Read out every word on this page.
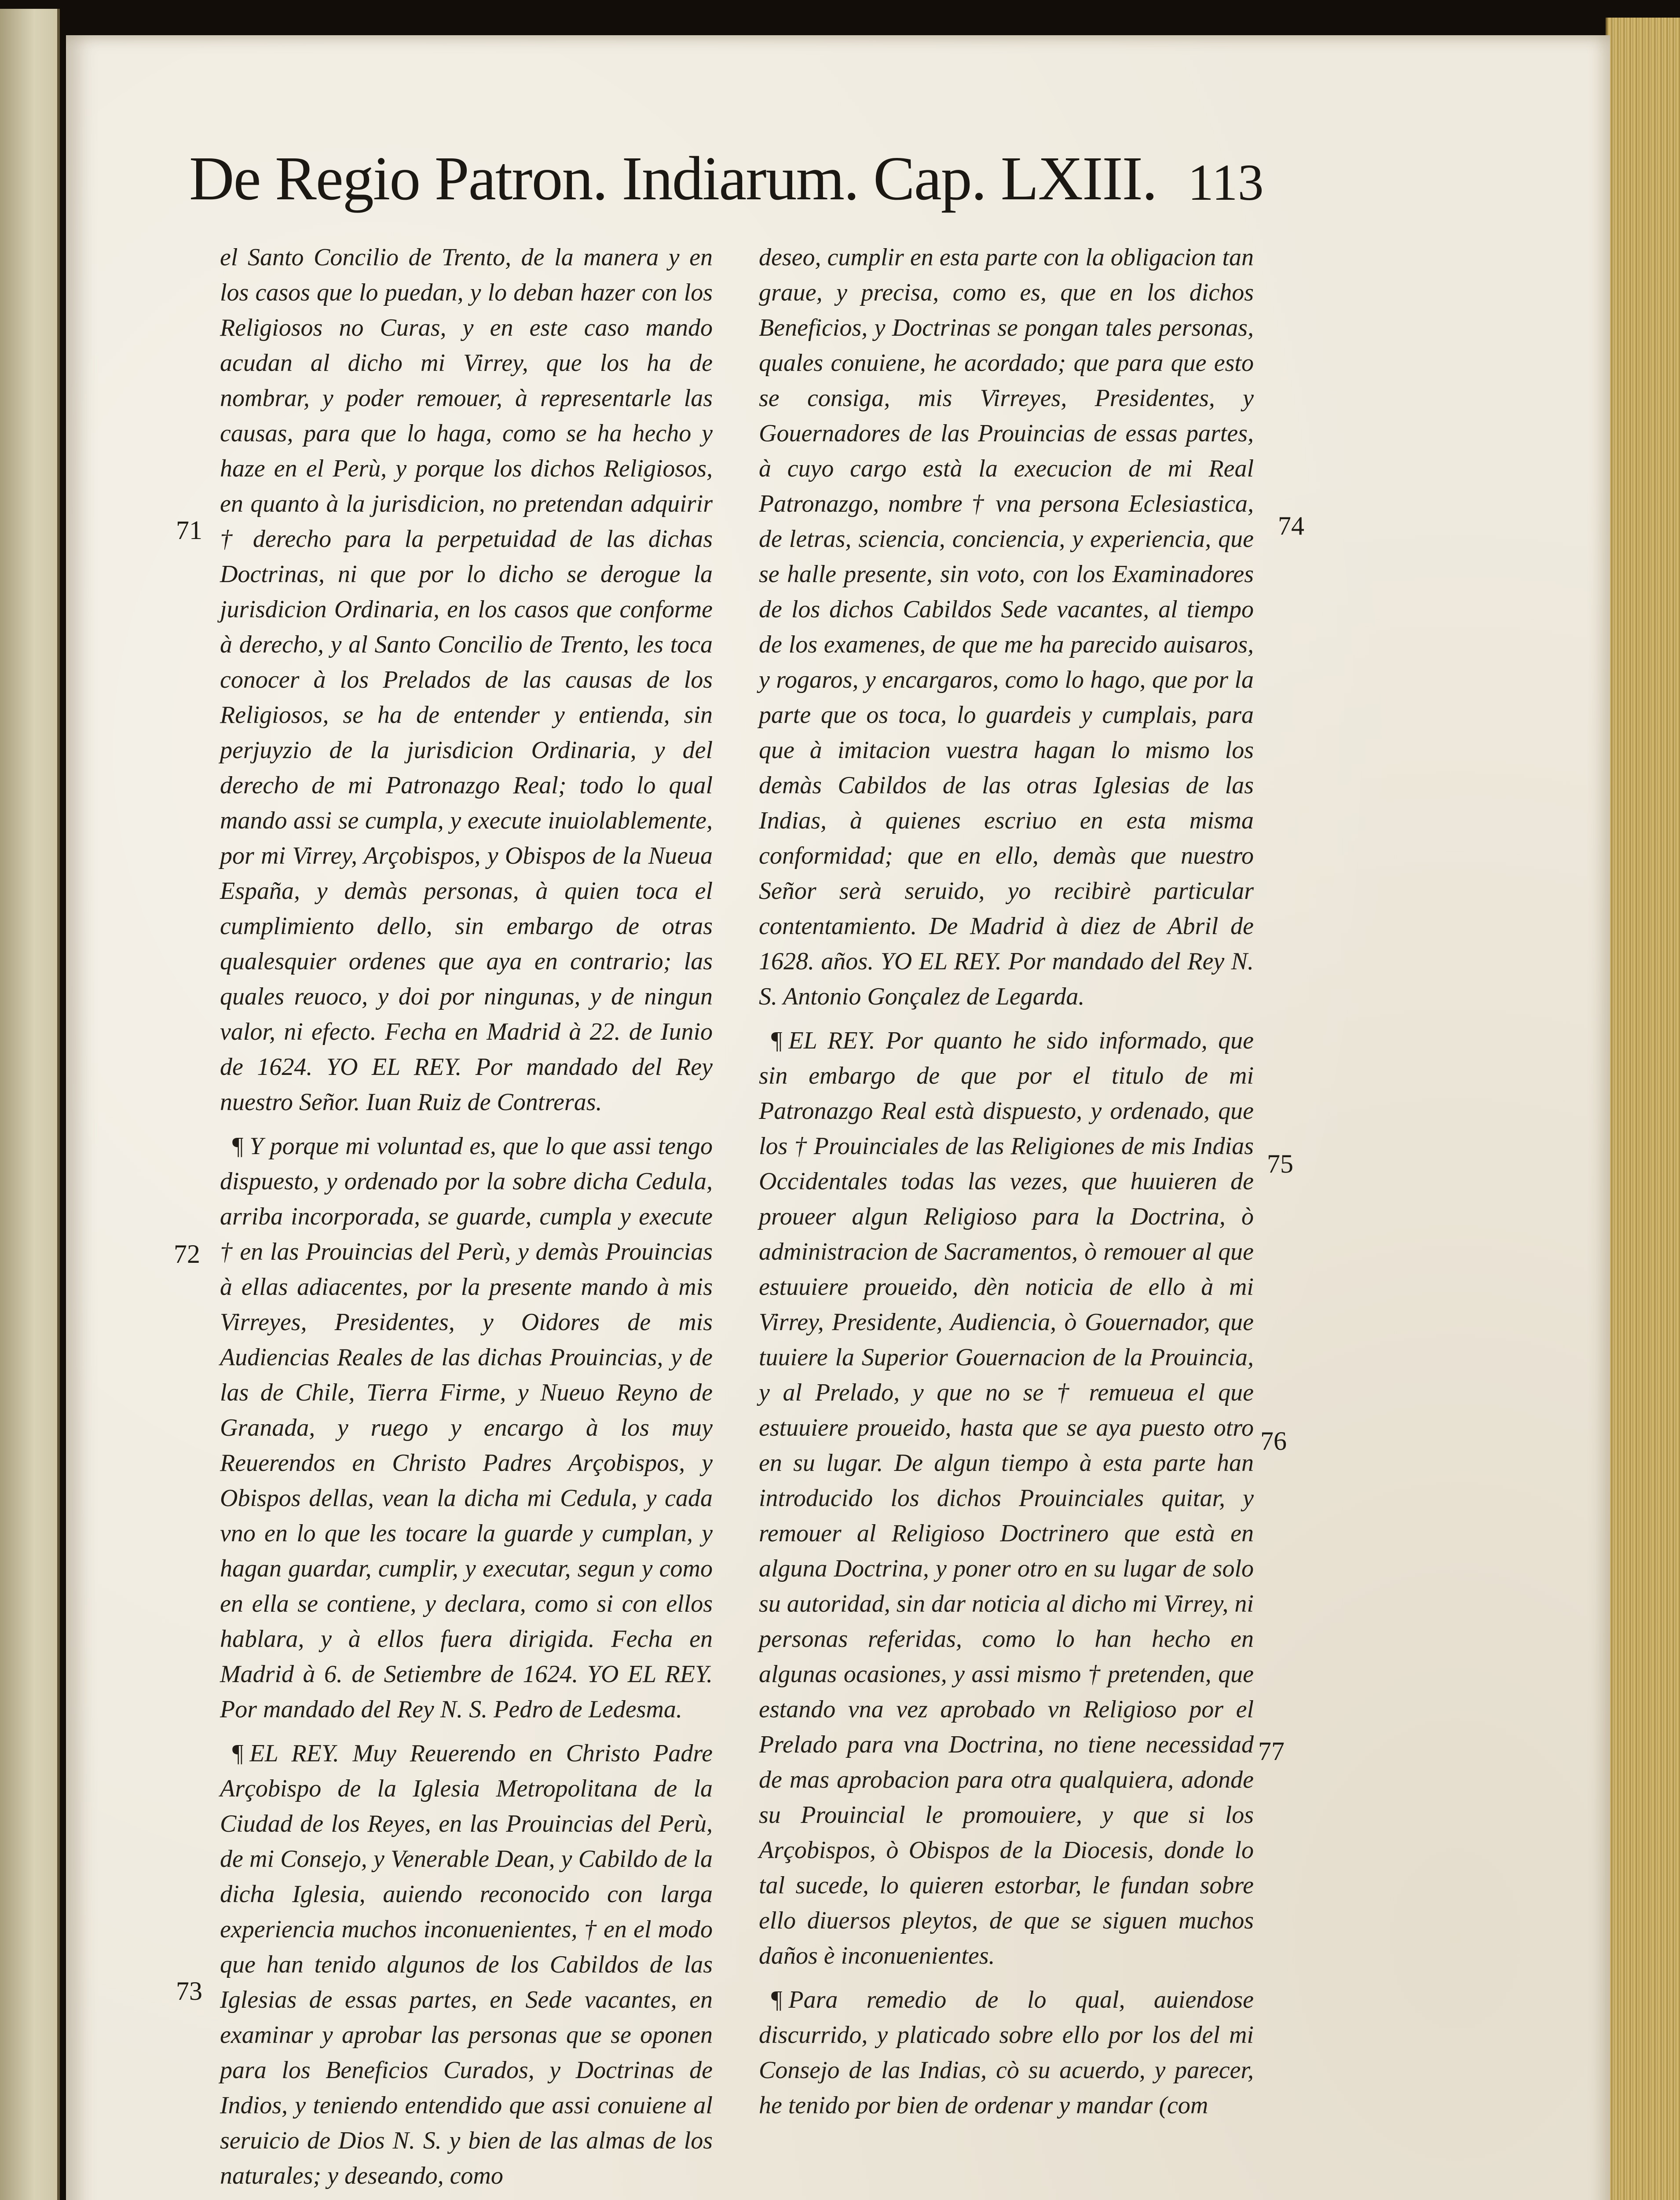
De Regio Patron. Indiarum. Cap. LXIII. 113

el Santo Concilio de Trento, de la manera y en los casos que lo puedan, y lo deban hazer con los Religiosos no Curas, y en este caso mando acudan al dicho mi Virrey, que los ha de nombrar, y poder remouer, à representarle las causas, para que lo haga, como se ha hecho y haze en el Perù, y porque los dichos Religiosos, en quanto à la jurisdicion, no pretendan adquirir † derecho para la perpetuidad de las dichas Doctrinas, ni que por lo dicho se derogue la jurisdicion Ordinaria, en los casos que conforme à derecho, y al Santo Concilio de Trento, les toca conocer à los Prelados de las causas de los Religiosos, se ha de entender y entienda, sin perjuyzio de la jurisdicion Ordinaria, y del derecho de mi Patronazgo Real; todo lo qual mando assi se cumpla, y execute inuiolablemente, por mi Virrey, Arçobispos, y Obispos de la Nueua España, y demàs personas, à quien toca el cumplimiento dello, sin embargo de otras qualesquier ordenes que aya en contrario; las quales reuoco, y doi por ningunas, y de ningun valor, ni efecto. Fecha en Madrid à 22. de Iunio de 1624. YO EL REY. Por mandado del Rey nuestro Señor. Iuan Ruiz de Contreras.

¶ Y porque mi voluntad es, que lo que assi tengo dispuesto, y ordenado por la sobre dicha Cedula, arriba incorporada, se guarde, cumpla y execute † en las Prouincias del Perù, y demàs Prouincias à ellas adiacentes, por la presente mando à mis Virreyes, Presidentes, y Oidores de mis Audiencias Reales de las dichas Prouincias, y de las de Chile, Tierra Firme, y Nueuo Reyno de Granada, y ruego y encargo à los muy Reuerendos en Christo Padres Arçobispos, y Obispos dellas, vean la dicha mi Cedula, y cada vno en lo que les tocare la guarde y cumplan, y hagan guardar, cumplir, y executar, segun y como en ella se contiene, y declara, como si con ellos hablara, y à ellos fuera dirigida. Fecha en Madrid à 6. de Setiembre de 1624. YO EL REY. Por mandado del Rey N. S. Pedro de Ledesma.

¶ EL REY. Muy Reuerendo en Christo Padre Arçobispo de la Iglesia Metropolitana de la Ciudad de los Reyes, en las Prouincias del Perù, de mi Consejo, y Venerable Dean, y Cabildo de la dicha Iglesia, auiendo reconocido con larga experiencia muchos inconuenientes, † en el modo que han tenido algunos de los Cabildos de las Iglesias de essas partes, en Sede vacantes, en examinar y aprobar las personas que se oponen para los Beneficios Curados, y Doctrinas de Indios, y teniendo entendido que assi conuiene al seruicio de Dios N. S. y bien de las almas de los naturales; y deseando, como

deseo, cumplir en esta parte con la obligacion tan graue, y precisa, como es, que en los dichos Beneficios, y Doctrinas se pongan tales personas, quales conuiene, he acordado; que para que esto se consiga, mis Virreyes, Presidentes, y Gouernadores de las Prouincias de essas partes, à cuyo cargo està la execucion de mi Real Patronazgo, nombre † vna persona Eclesiastica, de letras, sciencia, conciencia, y experiencia, que se halle presente, sin voto, con los Examinadores de los dichos Cabildos Sede vacantes, al tiempo de los examenes, de que me ha parecido auisaros, y rogaros, y encargaros, como lo hago, que por la parte que os toca, lo guardeis y cumplais, para que à imitacion vuestra hagan lo mismo los demàs Cabildos de las otras Iglesias de las Indias, à quienes escriuo en esta misma conformidad; que en ello, demàs que nuestro Señor serà seruido, yo recibirè particular contentamiento. De Madrid à diez de Abril de 1628. años. YO EL REY. Por mandado del Rey N. S. Antonio Gonçalez de Legarda.

¶ EL REY. Por quanto he sido informado, que sin embargo de que por el titulo de mi Patronazgo Real està dispuesto, y ordenado, que los † Prouinciales de las Religiones de mis Indias Occidentales todas las vezes, que huuieren de proueer algun Religioso para la Doctrina, ò administracion de Sacramentos, ò remouer al que estuuiere proueido, dèn noticia de ello à mi Virrey, Presidente, Audiencia, ò Gouernador, que tuuiere la Superior Gouernacion de la Prouincia, y al Prelado, y que no se † remueua el que estuuiere proueido, hasta que se aya puesto otro en su lugar. De algun tiempo à esta parte han introducido los dichos Prouinciales quitar, y remouer al Religioso Doctrinero que està en alguna Doctrina, y poner otro en su lugar de solo su autoridad, sin dar noticia al dicho mi Virrey, ni personas referidas, como lo han hecho en algunas ocasiones, y assi mismo † pretenden, que estando vna vez aprobado vn Religioso por el Prelado para vna Doctrina, no tiene necessidad de mas aprobacion para otra qualquiera, adonde su Prouincial le promouiere, y que si los Arçobispos, ò Obispos de la Diocesis, donde lo tal sucede, lo quieren estorbar, le fundan sobre ello diuersos pleytos, de que se siguen muchos daños è inconuenientes.

¶ Para remedio de lo qual, auiendose discurrido, y platicado sobre ello por los del mi Consejo de las Indias, cò su acuerdo, y parecer, he tenido por bien de ordenar y mandar (com

71
72
73
74
75
76
77
